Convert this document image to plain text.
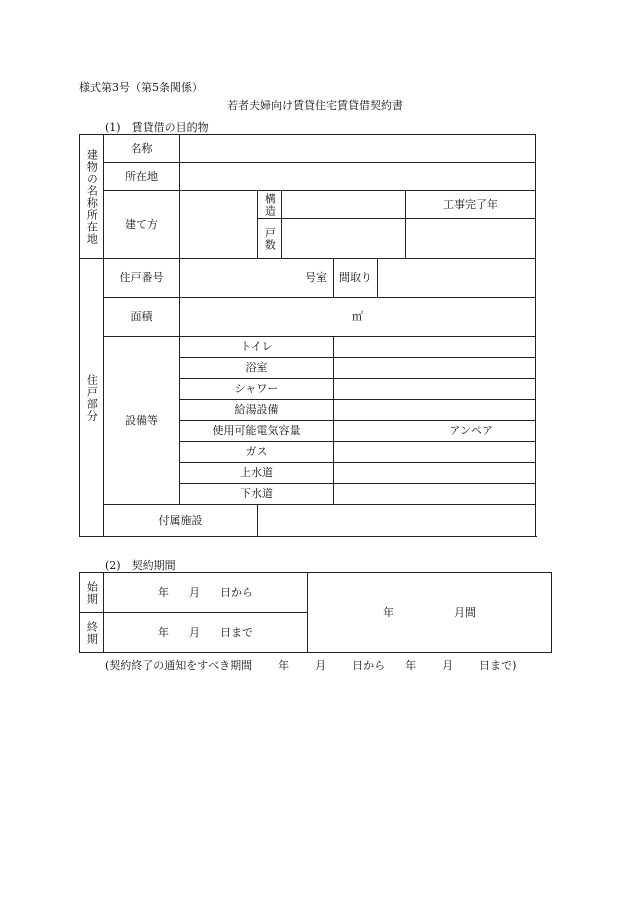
様式第3号（第5条関係）
若者夫婦向け賃貸住宅賃貸借契約書
(1)　賃貸借の目的物
建物の名称所在地	名称						
	所在地						
	建て方		構造				工事完了年

			戸数				

住戸部分	住戸番号	号室			間取り		
	面積	㎡					
	設備等	トイレ					
		浴室					
		シャワー					
		給湯設備					
		使用可能電気容量			アンペア		
		ガス					
		上水道					
		下水道					
	付属施設						
(2)　契約期間
始期	年 月 日から	年 月間

終期	年 月 日まで	
(契約終了の通知をすべき期間 年 月 日から 年 月 日まで)
